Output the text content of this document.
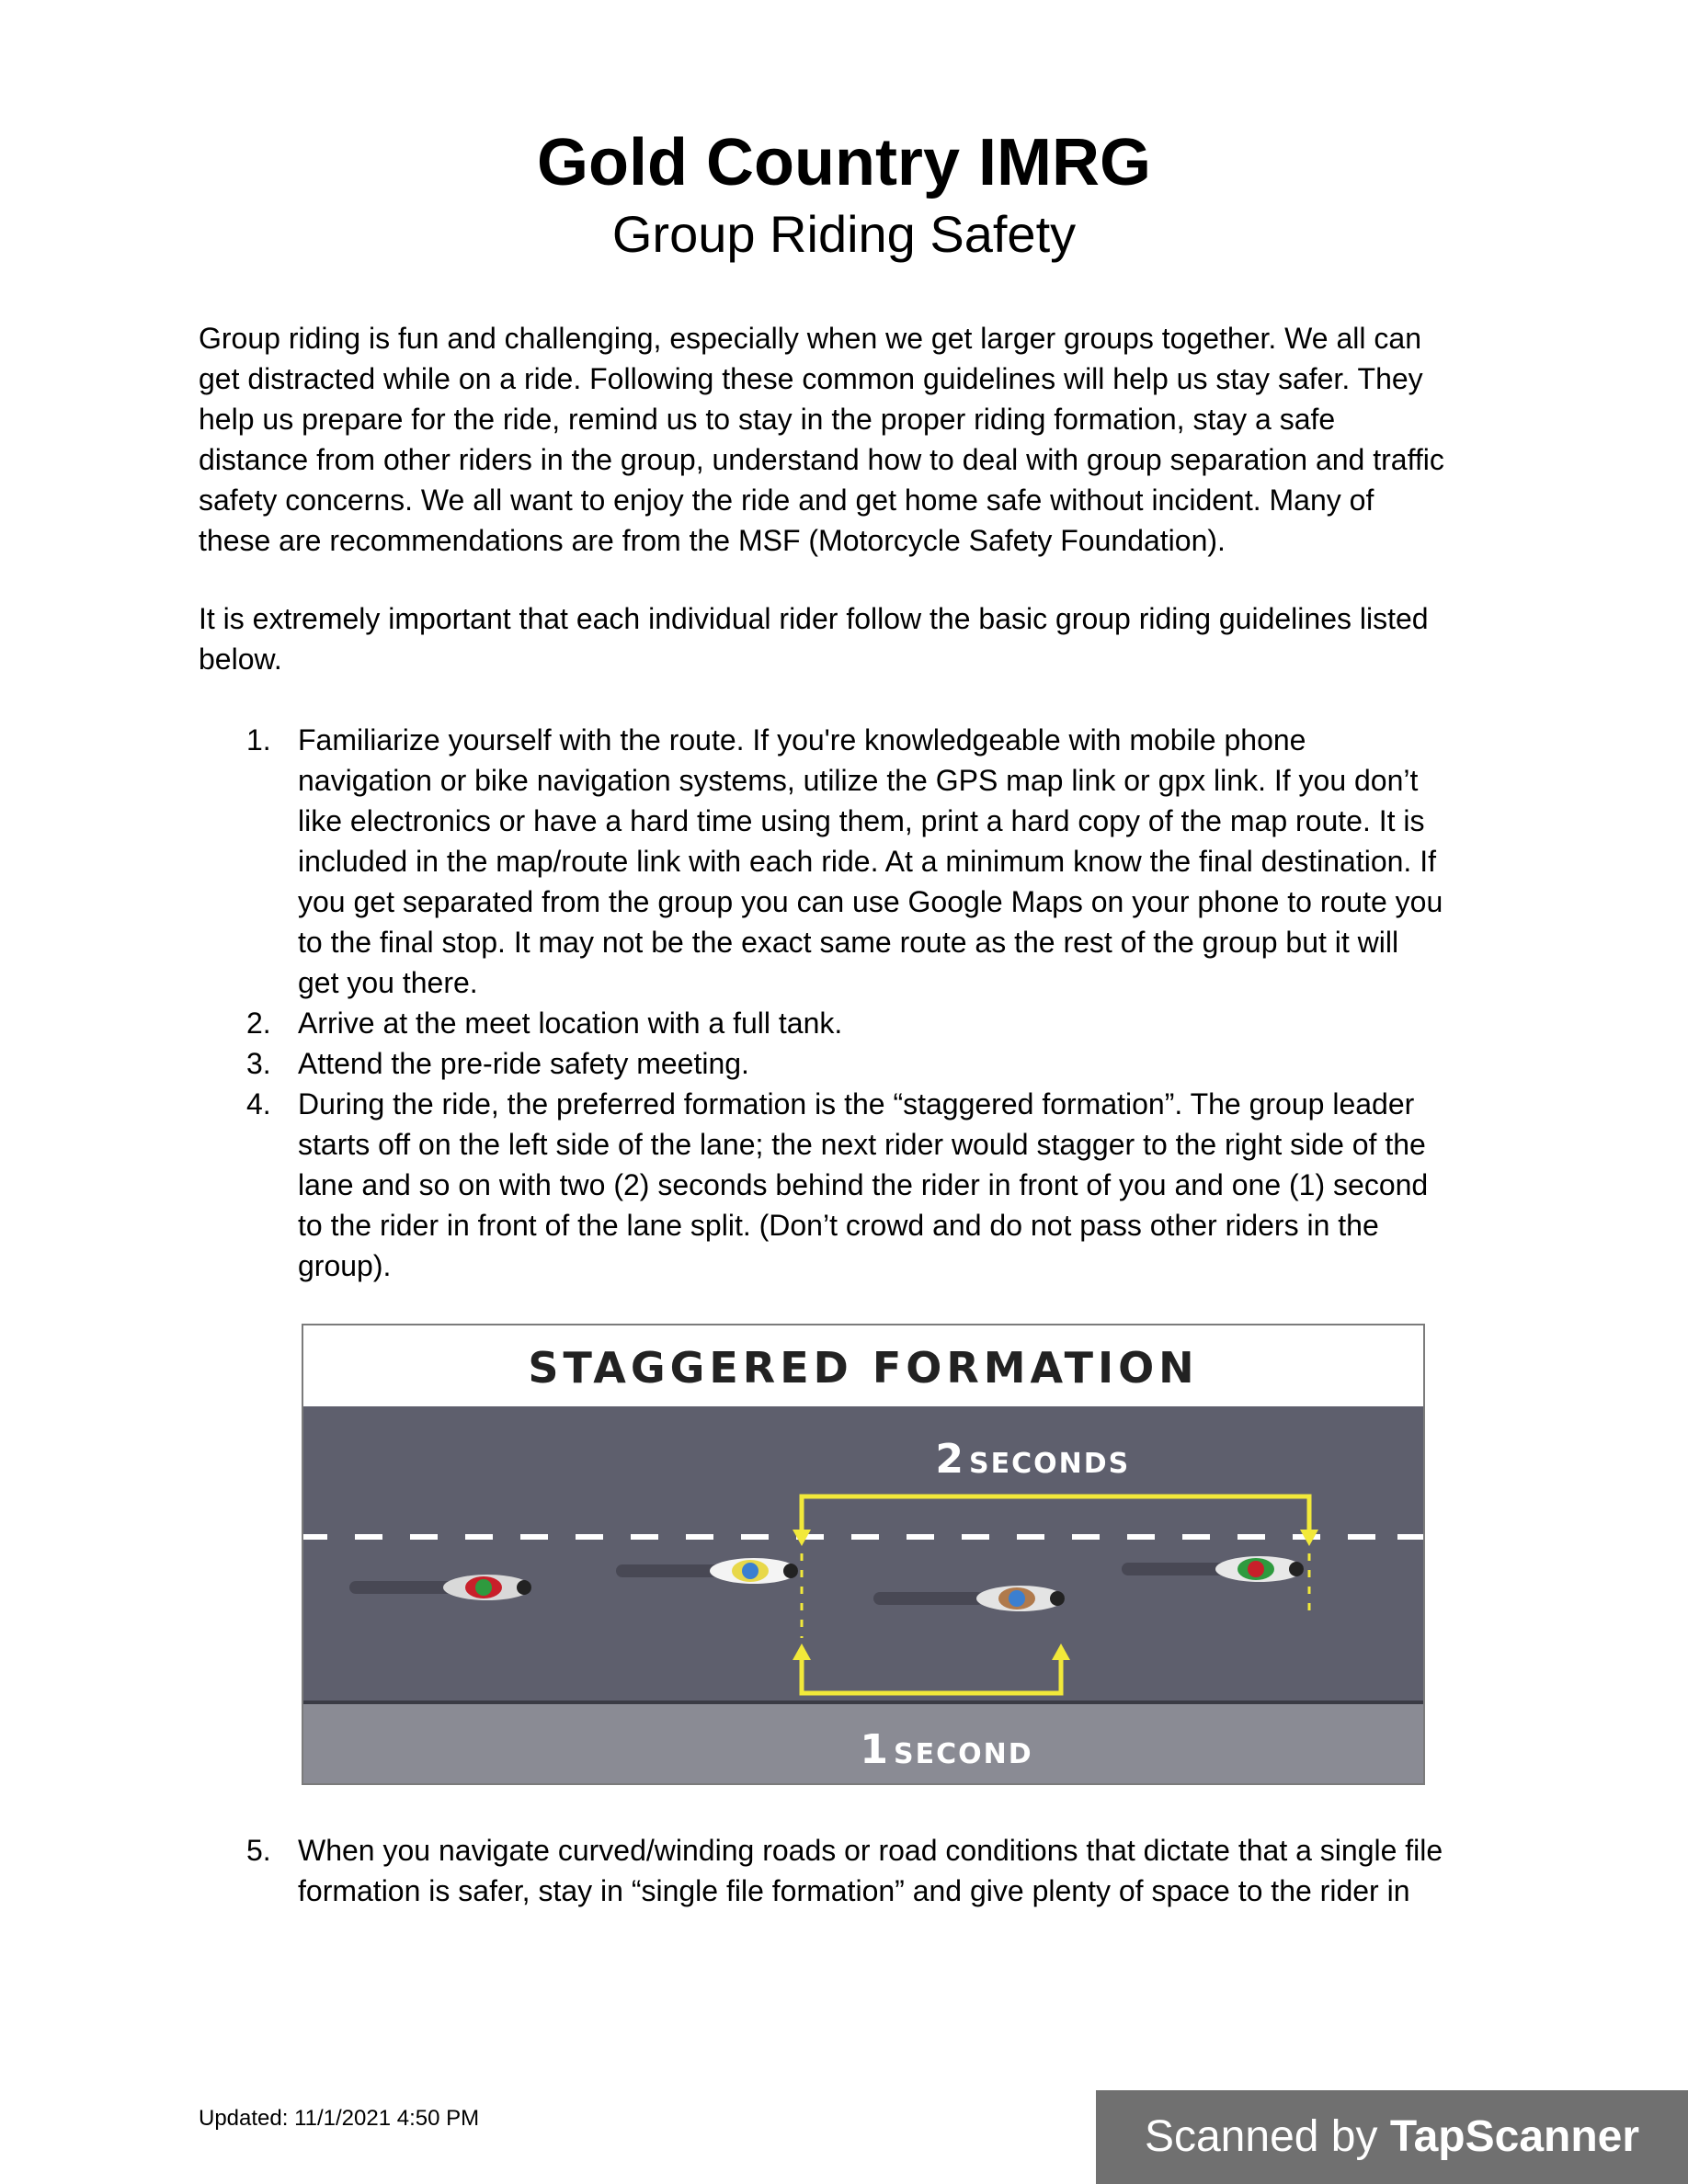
Gold Country IMRG
Group Riding Safety
Group riding is fun and challenging, especially when we get larger groups together. We all can
get distracted while on a ride. Following these common guidelines will help us stay safer. They
help us prepare for the ride, remind us to stay in the proper riding formation, stay a safe
distance from other riders in the group, understand how to deal with group separation and traffic
safety concerns. We all want to enjoy the ride and get home safe without incident. Many of
these are recommendations are from the MSF (Motorcycle Safety Foundation).
It is extremely important that each individual rider follow the basic group riding guidelines listed
below.
1. Familiarize yourself with the route. If you're knowledgeable with mobile phone
navigation or bike navigation systems, utilize the GPS map link or gpx link. If you don’t
like electronics or have a hard time using them, print a hard copy of the map route. It is
included in the map/route link with each ride. At a minimum know the final destination. If
you get separated from the group you can use Google Maps on your phone to route you
to the final stop. It may not be the exact same route as the rest of the group but it will
get you there.
2. Arrive at the meet location with a full tank.
3. Attend the pre-ride safety meeting.
4. During the ride, the preferred formation is the “staggered formation”. The group leader
starts off on the left side of the lane; the next rider would stagger to the right side of the
lane and so on with two (2) seconds behind the rider in front of you and one (1) second
to the rider in front of the lane split. (Don’t crowd and do not pass other riders in the
group).
STAGGERED FORMATION
2 SECONDS
1 SECOND
5. When you navigate curved/winding roads or road conditions that dictate that a single file
formation is safer, stay in “single file formation” and give plenty of space to the rider in
Updated: 11/1/2021 4:50 PM	Scanned by TapScanner
